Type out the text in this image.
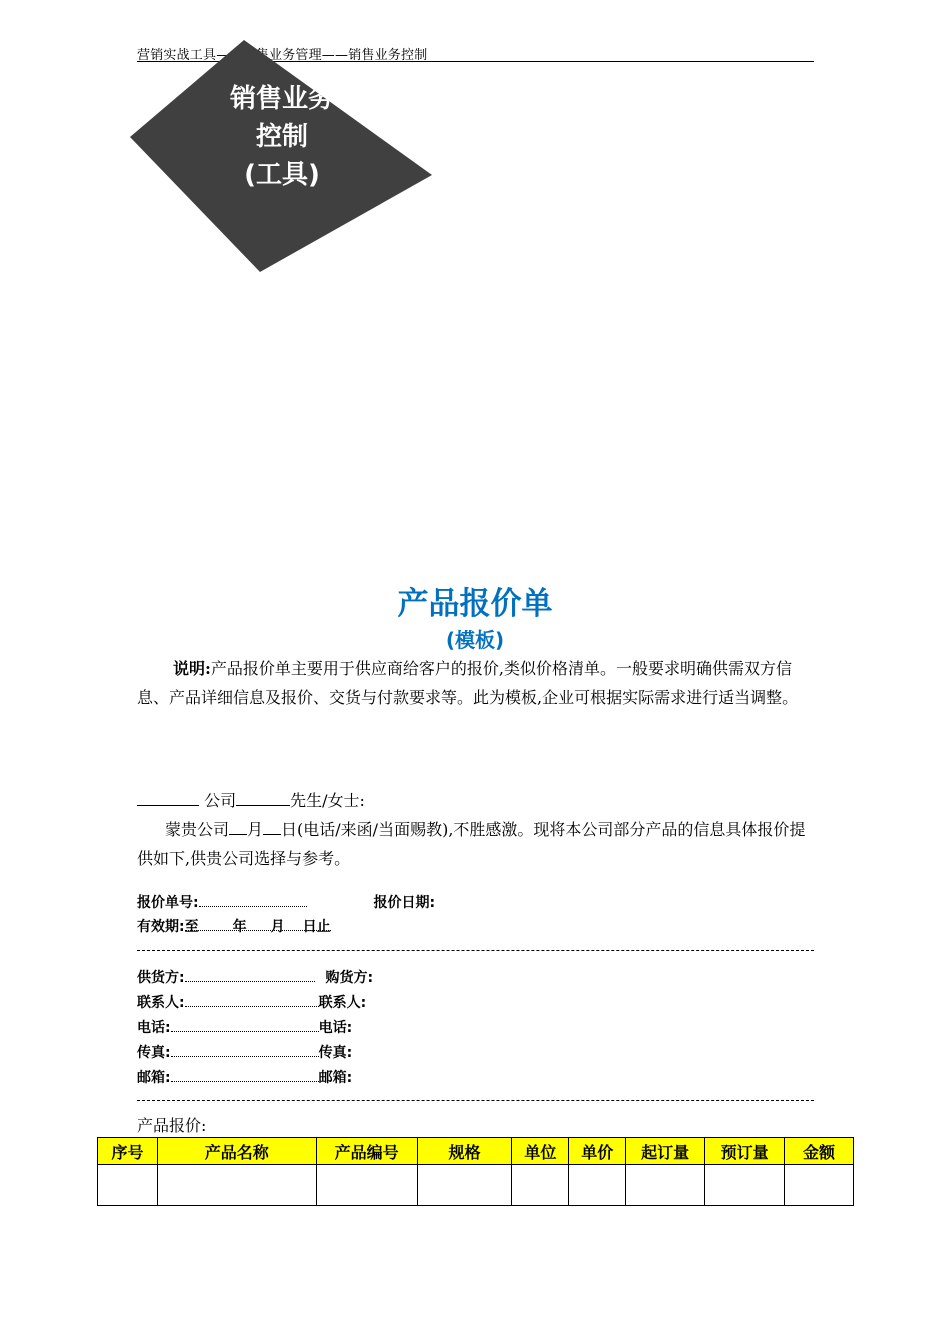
营销实战工具——销售业务管理——销售业务控制
销售业务
控制
(工具)
产品报价单
(模板)
说明:产品报价单主要用于供应商给客户的报价,类似价格清单。一般要求明确供需双方信息、产品详细信息及报价、交货与付款要求等。此为模板,企业可根据实际需求进行适当调整。
公司	先生/女士:
蒙贵公司 月 日(电话/来函/当面赐教),不胜感激。现将本公司部分产品的信息具体报价提供如下,供贵公司选择与参考。
报价单号:	报价日期:
有效期:至 年 月 日止
供货方:	购货方:
联系人:	联系人:
电话:	电话:
传真:	传真:
邮箱:	邮箱:
产品报价:
序号	产品名称	产品编号	规格	单位	单价	起订量	预订量	金额
